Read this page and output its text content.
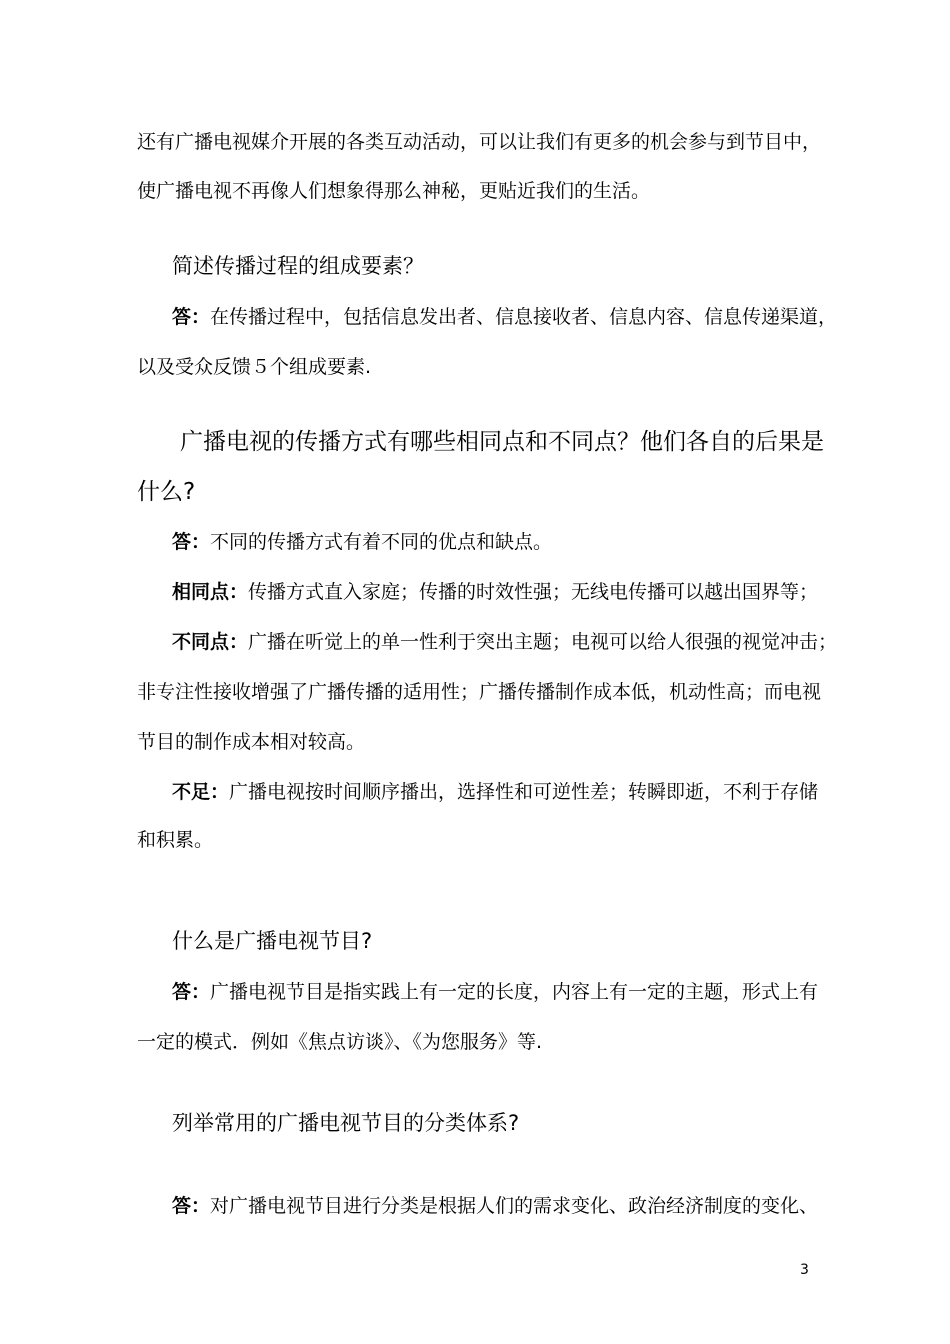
还有广播电视媒介开展的各类互动活动，可以让我们有更多的机会参与到节目中，
使广播电视不再像人们想象得那么神秘，更贴近我们的生活。
简述传播过程的组成要素？
答：在传播过程中，包括信息发出者、信息接收者、信息内容、信息传递渠道，
以及受众反馈５个组成要素.
广播电视的传播方式有哪些相同点和不同点？他们各自的后果是
什么?
答：不同的传播方式有着不同的优点和缺点。
相同点：传播方式直入家庭；传播的时效性强；无线电传播可以越出国界等；
不同点：广播在听觉上的单一性利于突出主题；电视可以给人很强的视觉冲击；
非专注性接收增强了广播传播的适用性；广播传播制作成本低，机动性高；而电视
节目的制作成本相对较高。
不足：广播电视按时间顺序播出，选择性和可逆性差；转瞬即逝，不利于存储
和积累。
什么是广播电视节目?
答：广播电视节目是指实践上有一定的长度，内容上有一定的主题，形式上有
一定的模式．例如《焦点访谈》、《为您服务》等.
列举常用的广播电视节目的分类体系?
答：对广播电视节目进行分类是根据人们的需求变化、政治经济制度的变化、
3
